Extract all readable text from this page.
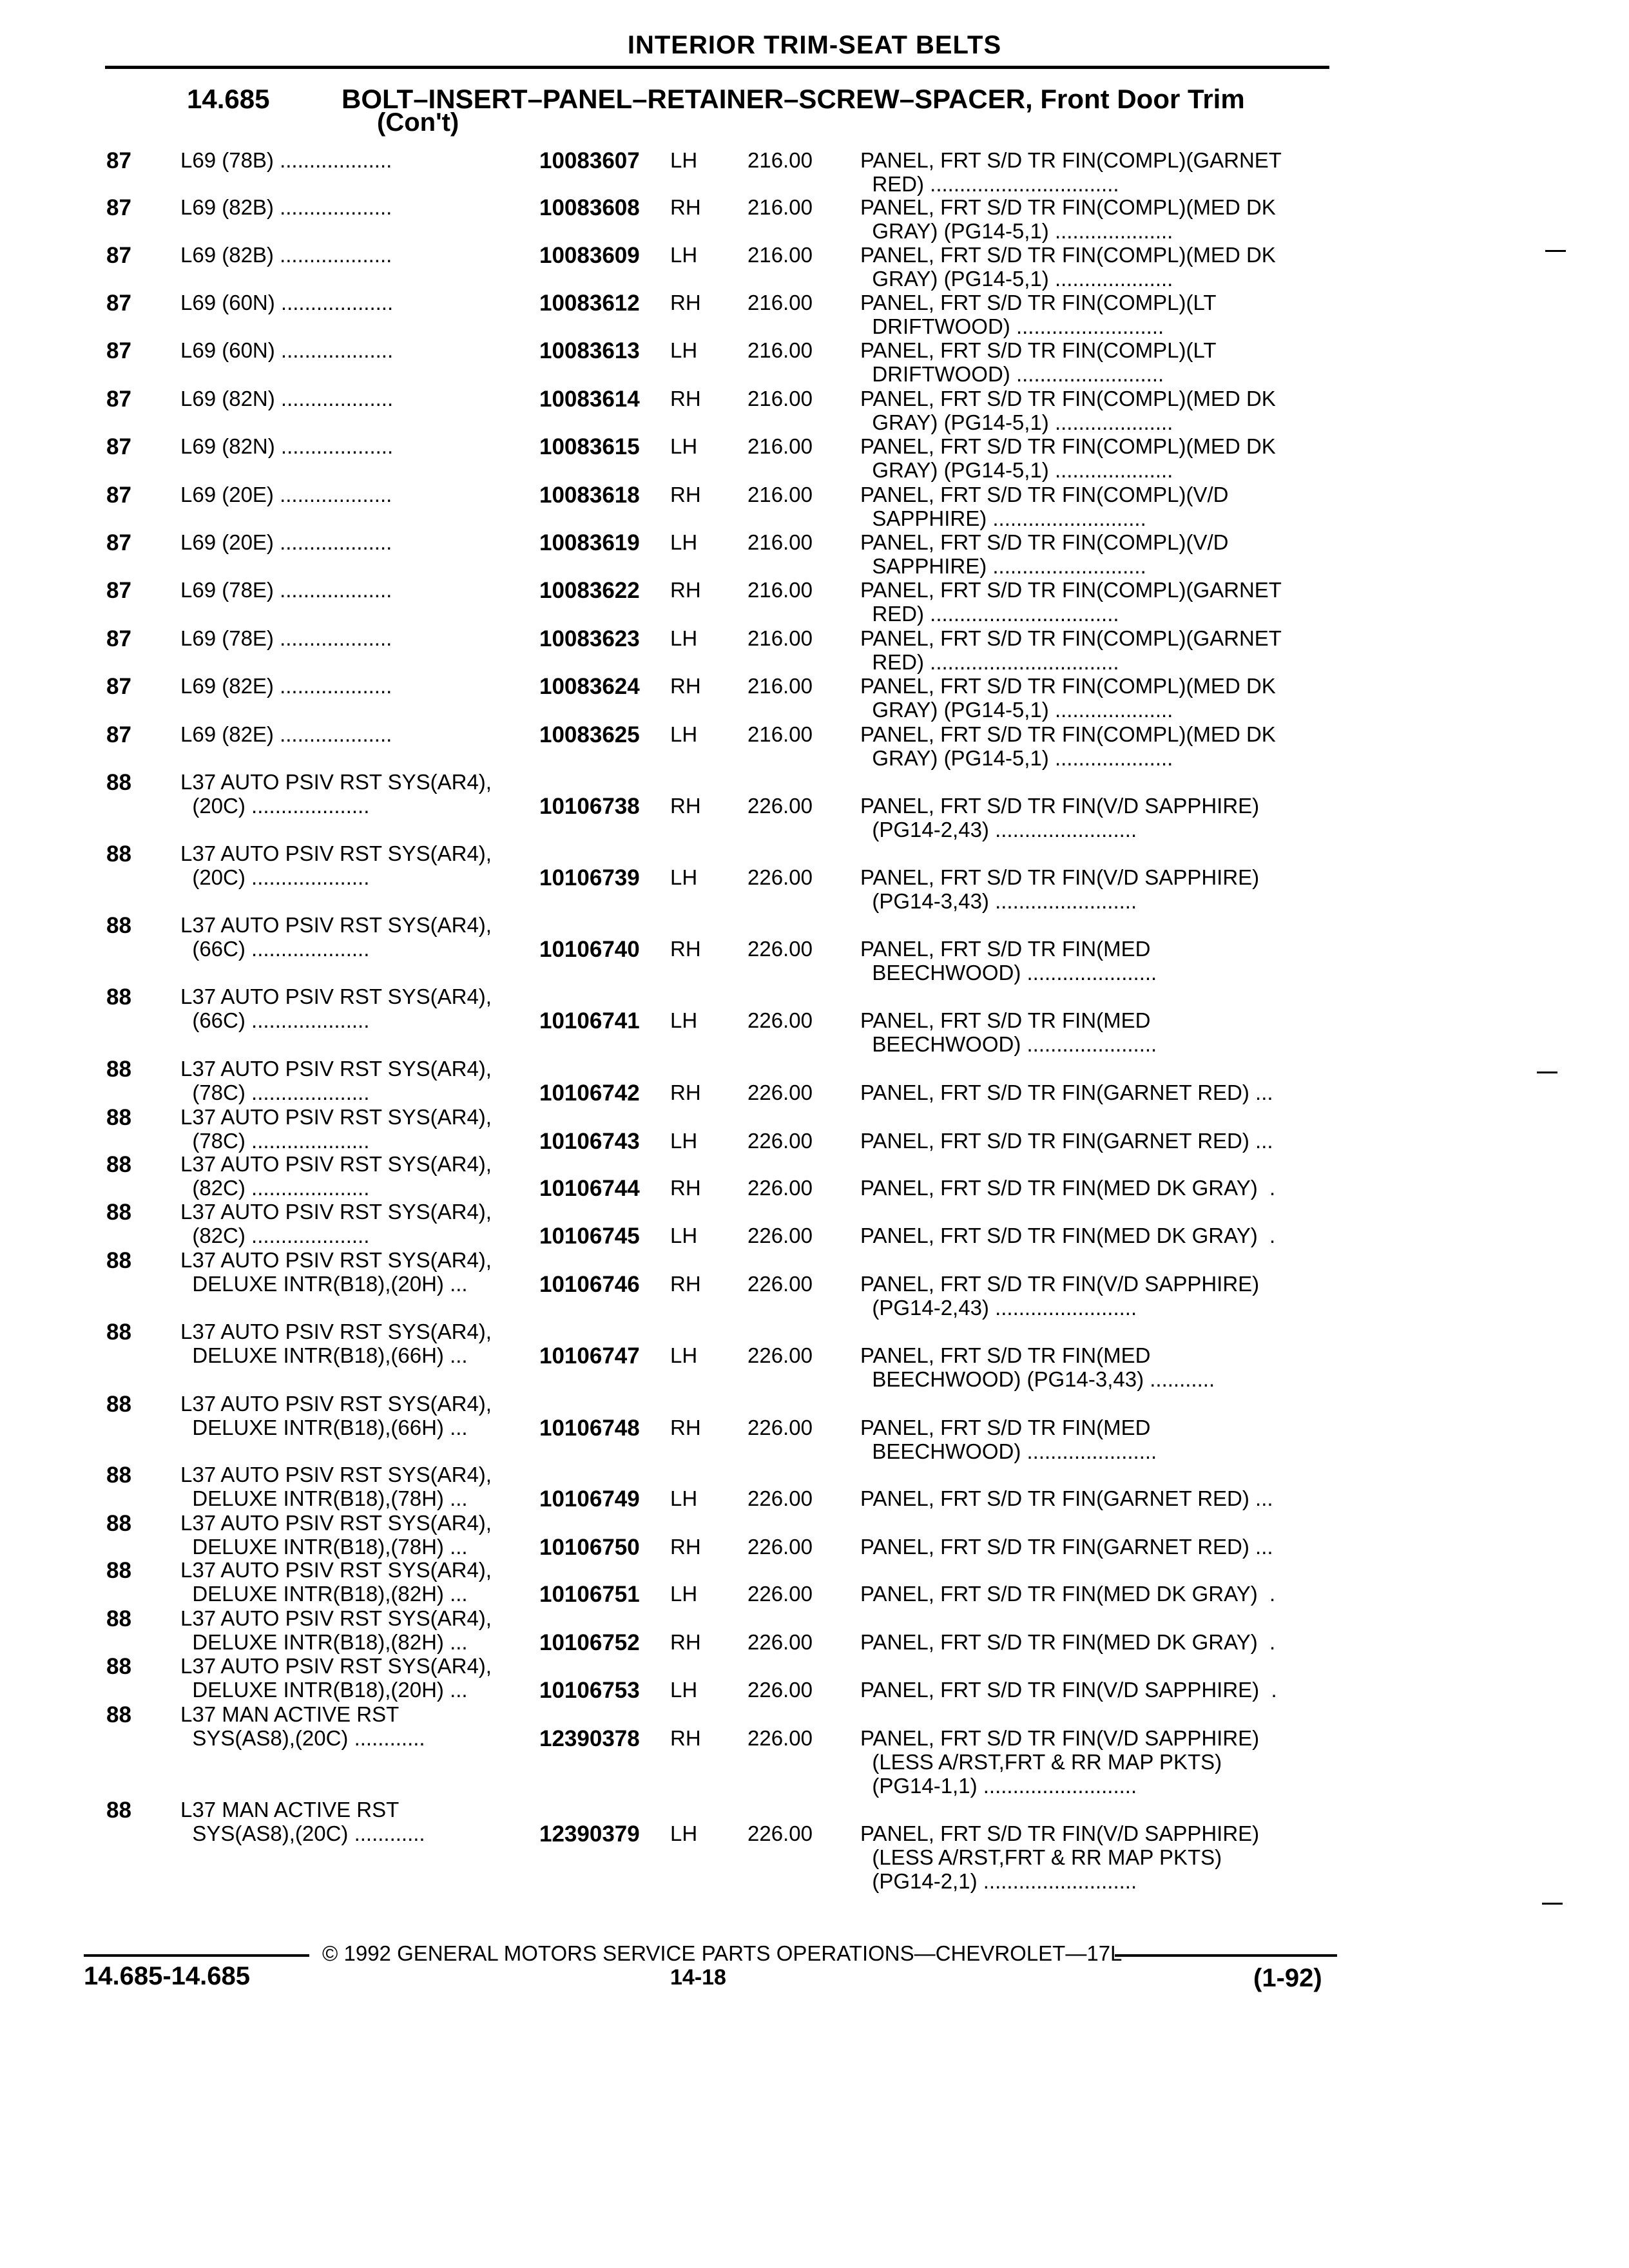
INTERIOR TRIM-SEAT BELTS
14.685	BOLT–INSERT–PANEL–RETAINER–SCREW–SPACER, Front Door Trim
(Con't)
87 L69 (78B) ...................	10083607 LH 216.00 PANEL, FRT S/D TR FIN(COMPL)(GARNET
RED) ................................
87 L69 (82B) ...................	10083608 RH 216.00 PANEL, FRT S/D TR FIN(COMPL)(MED DK
GRAY) (PG14-5,1) ....................
87 L69 (82B) ...................	10083609 LH 216.00 PANEL, FRT S/D TR FIN(COMPL)(MED DK
GRAY) (PG14-5,1) ....................
87 L69 (60N) ...................	10083612 RH 216.00 PANEL, FRT S/D TR FIN(COMPL)(LT
DRIFTWOOD) .........................
87 L69 (60N) ...................	10083613 LH 216.00 PANEL, FRT S/D TR FIN(COMPL)(LT
DRIFTWOOD) .........................
87 L69 (82N) ...................	10083614 RH 216.00 PANEL, FRT S/D TR FIN(COMPL)(MED DK
GRAY) (PG14-5,1) ....................
87 L69 (82N) ...................	10083615 LH 216.00 PANEL, FRT S/D TR FIN(COMPL)(MED DK
GRAY) (PG14-5,1) ....................
87 L69 (20E) ...................	10083618 RH 216.00 PANEL, FRT S/D TR FIN(COMPL)(V/D
SAPPHIRE) ..........................
87 L69 (20E) ...................	10083619 LH 216.00 PANEL, FRT S/D TR FIN(COMPL)(V/D
SAPPHIRE) ..........................
87 L69 (78E) ...................	10083622 RH 216.00 PANEL, FRT S/D TR FIN(COMPL)(GARNET
RED) ................................
87 L69 (78E) ...................	10083623 LH 216.00 PANEL, FRT S/D TR FIN(COMPL)(GARNET
RED) ................................
87 L69 (82E) ...................	10083624 RH 216.00 PANEL, FRT S/D TR FIN(COMPL)(MED DK
GRAY) (PG14-5,1) ....................
87 L69 (82E) ...................	10083625 LH 216.00 PANEL, FRT S/D TR FIN(COMPL)(MED DK
GRAY) (PG14-5,1) ....................
88 L37 AUTO PSIV RST SYS(AR4),
(20C) ....................	10106738 RH 226.00 PANEL, FRT S/D TR FIN(V/D SAPPHIRE)
(PG14-2,43) ........................
88 L37 AUTO PSIV RST SYS(AR4),
(20C) ....................	10106739 LH 226.00 PANEL, FRT S/D TR FIN(V/D SAPPHIRE)
(PG14-3,43) ........................
88 L37 AUTO PSIV RST SYS(AR4),
(66C) ....................	10106740 RH 226.00 PANEL, FRT S/D TR FIN(MED
BEECHWOOD) ......................
88 L37 AUTO PSIV RST SYS(AR4),
(66C) ....................	10106741 LH 226.00 PANEL, FRT S/D TR FIN(MED
BEECHWOOD) ......................
88 L37 AUTO PSIV RST SYS(AR4),
(78C) ....................	10106742 RH 226.00 PANEL, FRT S/D TR FIN(GARNET RED) ...
88 L37 AUTO PSIV RST SYS(AR4),
(78C) ....................	10106743 LH 226.00 PANEL, FRT S/D TR FIN(GARNET RED) ...
88 L37 AUTO PSIV RST SYS(AR4),
(82C) ....................	10106744 RH 226.00 PANEL, FRT S/D TR FIN(MED DK GRAY)  .
88 L37 AUTO PSIV RST SYS(AR4),
(82C) ....................	10106745 LH 226.00 PANEL, FRT S/D TR FIN(MED DK GRAY)  .
88 L37 AUTO PSIV RST SYS(AR4),
DELUXE INTR(B18),(20H) ...	10106746 RH 226.00 PANEL, FRT S/D TR FIN(V/D SAPPHIRE)
(PG14-2,43) ........................
88 L37 AUTO PSIV RST SYS(AR4),
DELUXE INTR(B18),(66H) ...	10106747 LH 226.00 PANEL, FRT S/D TR FIN(MED
BEECHWOOD) (PG14-3,43) ...........
88 L37 AUTO PSIV RST SYS(AR4),
DELUXE INTR(B18),(66H) ...	10106748 RH 226.00 PANEL, FRT S/D TR FIN(MED
BEECHWOOD) ......................
88 L37 AUTO PSIV RST SYS(AR4),
DELUXE INTR(B18),(78H) ...	10106749 LH 226.00 PANEL, FRT S/D TR FIN(GARNET RED) ...
88 L37 AUTO PSIV RST SYS(AR4),
DELUXE INTR(B18),(78H) ...	10106750 RH 226.00 PANEL, FRT S/D TR FIN(GARNET RED) ...
88 L37 AUTO PSIV RST SYS(AR4),
DELUXE INTR(B18),(82H) ...	10106751 LH 226.00 PANEL, FRT S/D TR FIN(MED DK GRAY)  .
88 L37 AUTO PSIV RST SYS(AR4),
DELUXE INTR(B18),(82H) ...	10106752 RH 226.00 PANEL, FRT S/D TR FIN(MED DK GRAY)  .
88 L37 AUTO PSIV RST SYS(AR4),
DELUXE INTR(B18),(20H) ...	10106753 LH 226.00 PANEL, FRT S/D TR FIN(V/D SAPPHIRE)  .
88 L37 MAN ACTIVE RST
SYS(AS8),(20C) ............	12390378 RH 226.00 PANEL, FRT S/D TR FIN(V/D SAPPHIRE)
(LESS A/RST,FRT & RR MAP PKTS)
(PG14-1,1) ..........................
88 L37 MAN ACTIVE RST
SYS(AS8),(20C) ............	12390379 LH 226.00 PANEL, FRT S/D TR FIN(V/D SAPPHIRE)
(LESS A/RST,FRT & RR MAP PKTS)
(PG14-2,1) ..........................
© 1992 GENERAL MOTORS SERVICE PARTS OPERATIONS—CHEVROLET—17L
14.685-14.685	14-18	(1-92)
